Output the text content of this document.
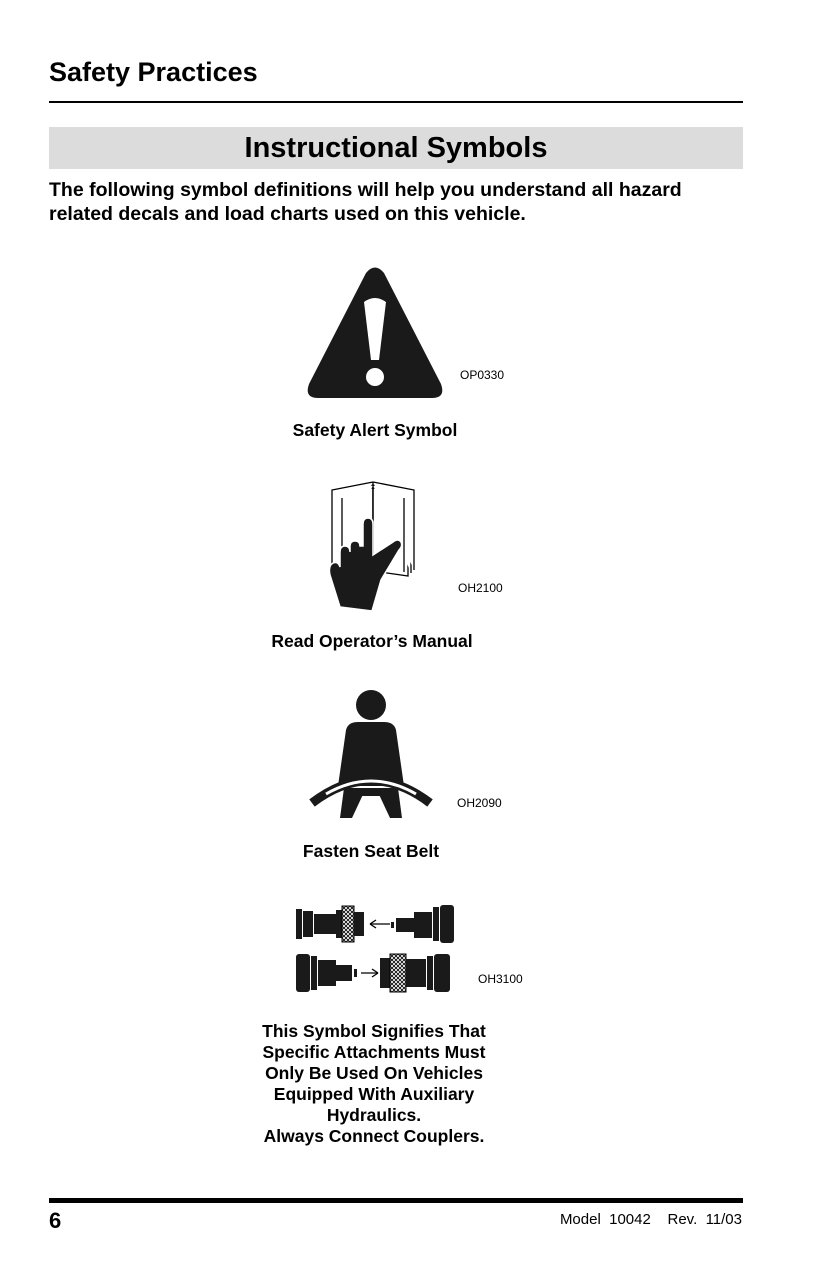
Safety Practices
Instructional Symbols
The following symbol definitions will help you understand all hazard related decals and load charts used on this vehicle.
OP0330
Safety Alert Symbol
OH2100
Read Operator’s Manual
OH2090
Fasten Seat Belt
OH3100
This Symbol Signifies That
Specific Attachments Must
Only Be Used On Vehicles
Equipped With Auxiliary
Hydraulics.
Always Connect Couplers.
6	Model  10042    Rev.  11/03
